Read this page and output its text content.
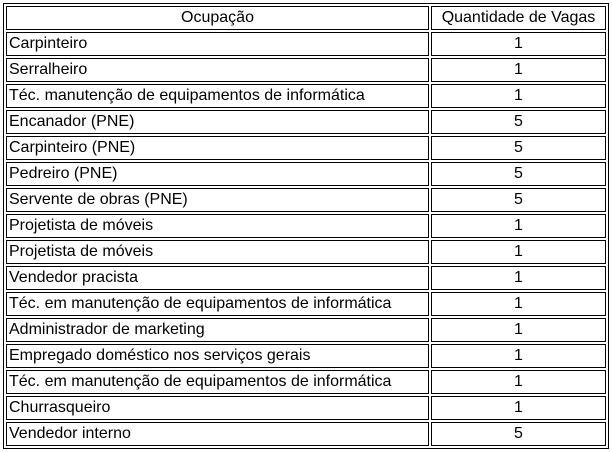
Ocupação	Quantidade de Vagas
Carpinteiro	1
Serralheiro	1
Téc. manutenção de equipamentos de informática	1
Encanador (PNE)	5
Carpinteiro (PNE)	5
Pedreiro (PNE)	5
Servente de obras (PNE)	5
Projetista de móveis	1
Projetista de móveis	1
Vendedor pracista	1
Téc. em manutenção de equipamentos de informática	1
Administrador de marketing	1
Empregado doméstico nos serviços gerais	1
Téc. em manutenção de equipamentos de informática	1
Churrasqueiro	1
Vendedor interno	5
